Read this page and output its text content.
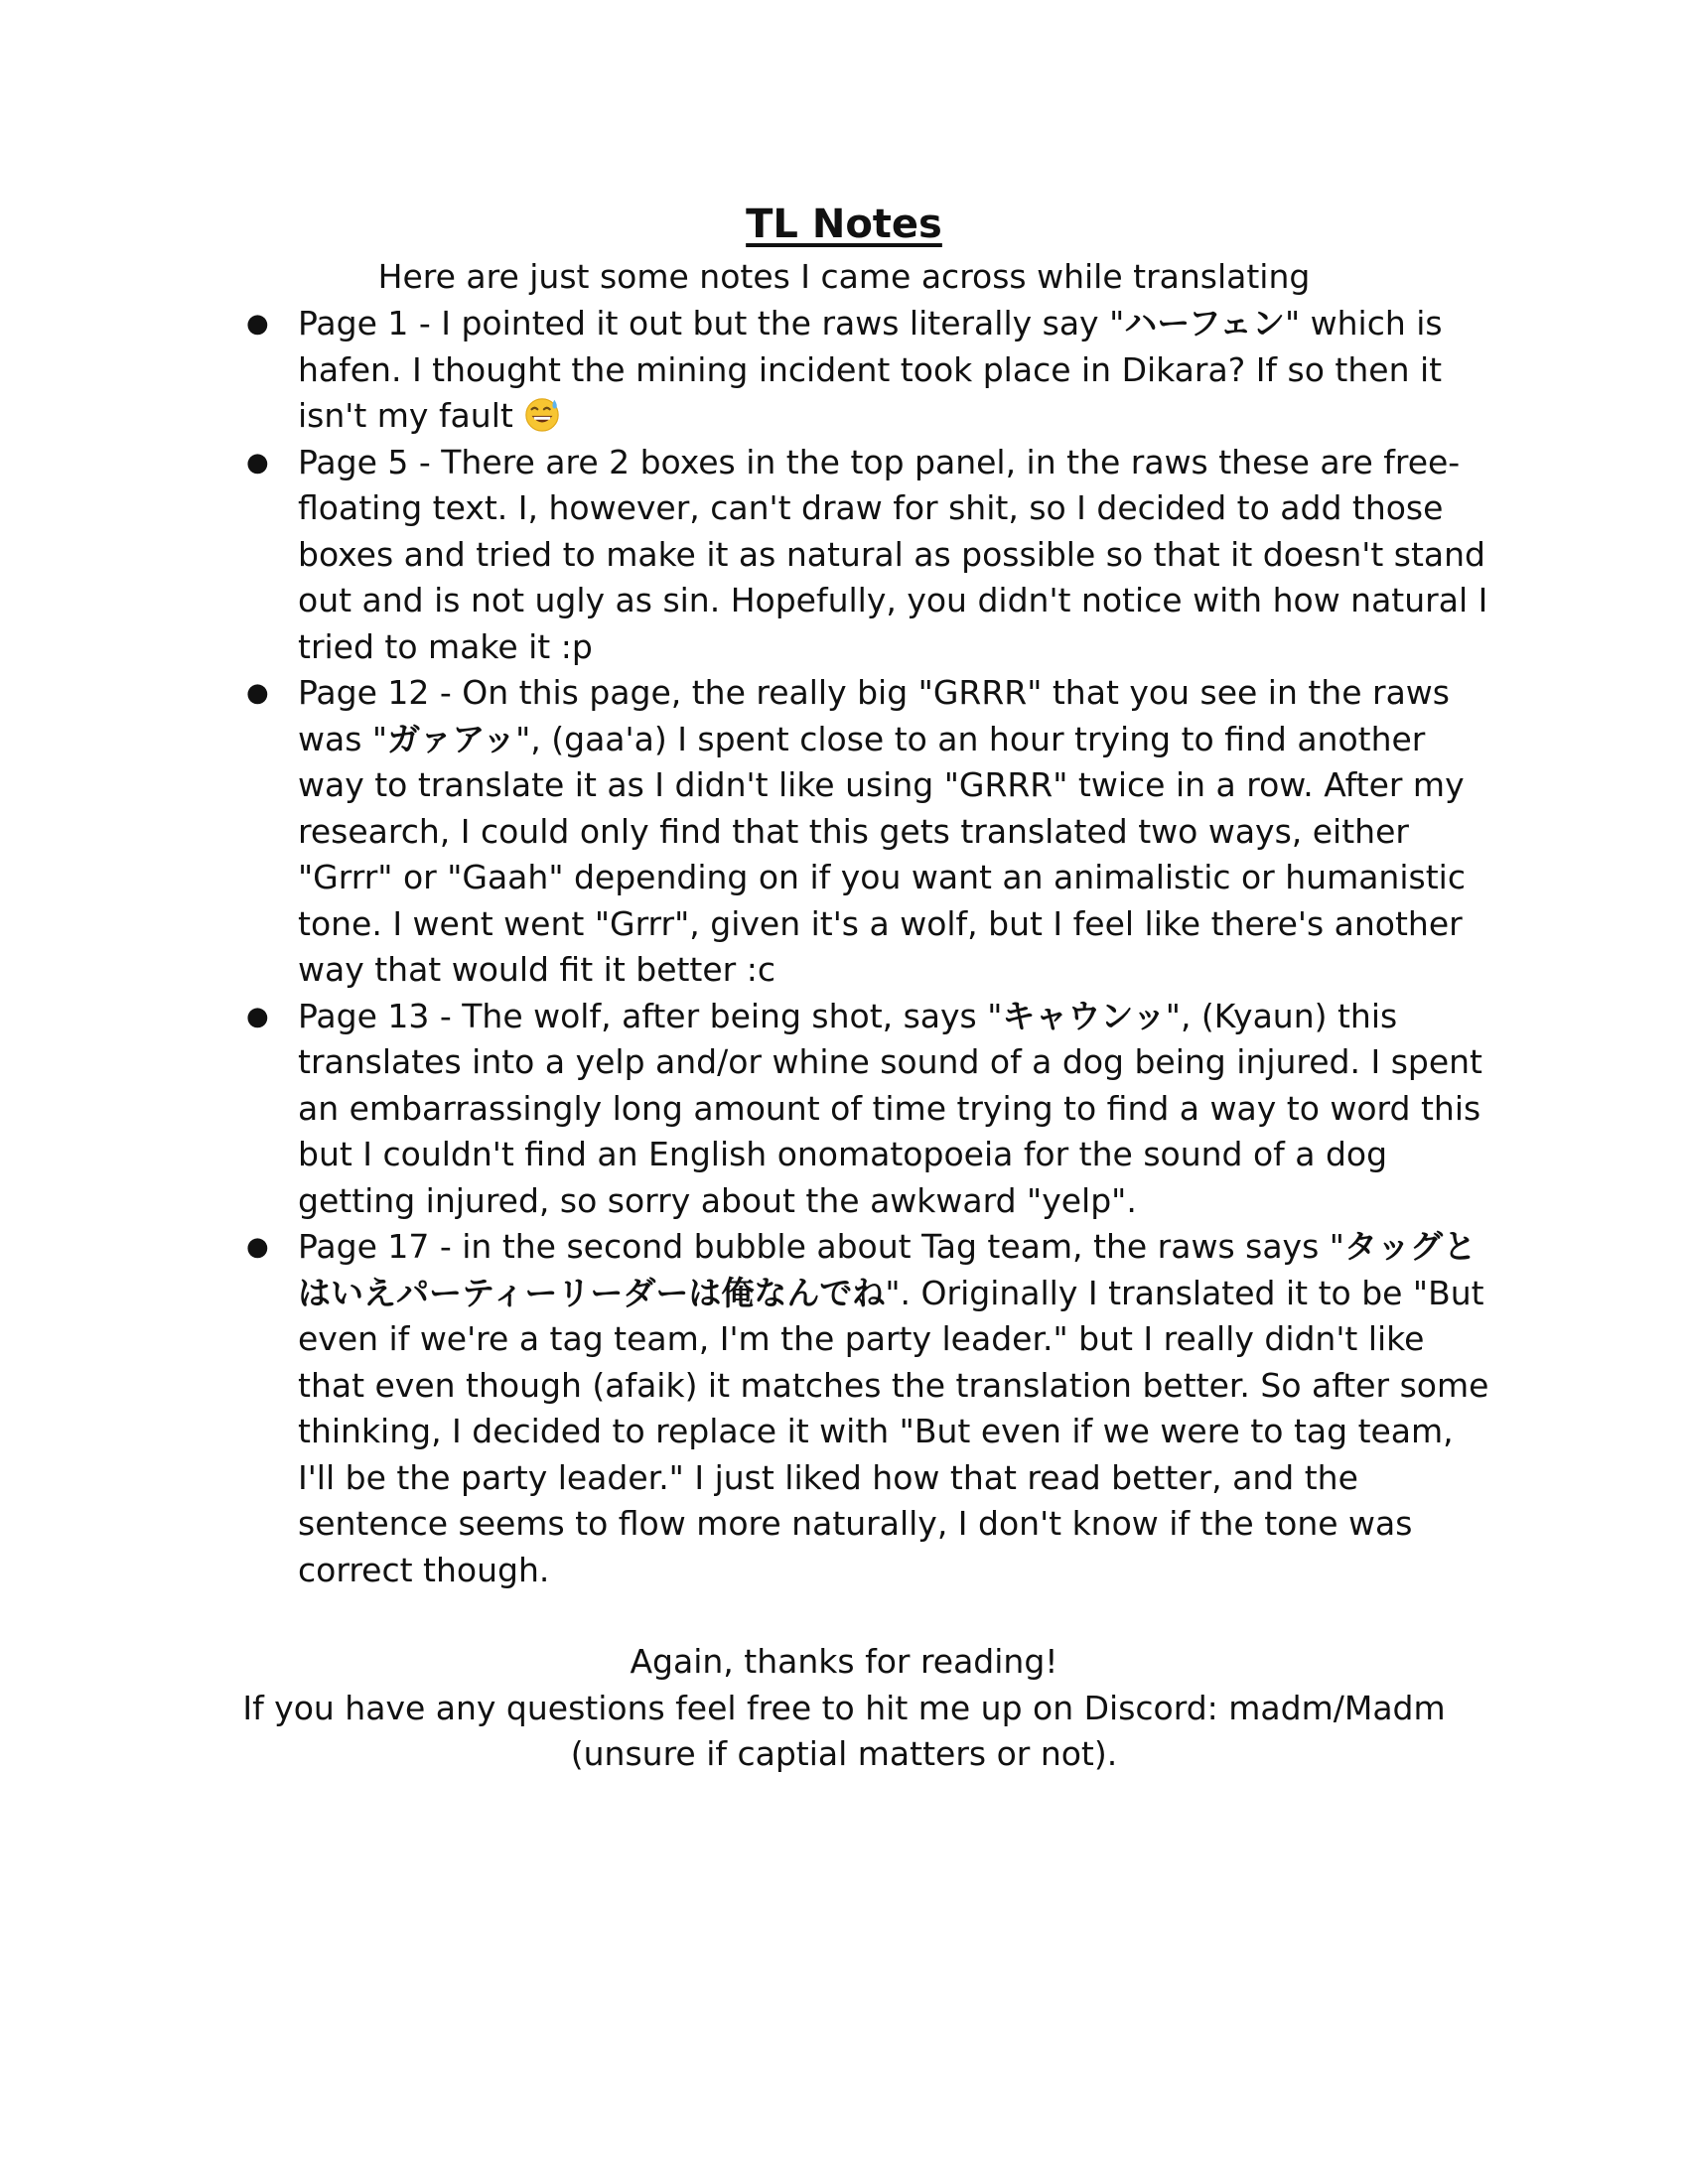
TL Notes

Here are just some notes I came across while translating

● Page 1 - I pointed it out but the raws literally say "ハーフェン" which is hafen. I thought the mining incident took place in Dikara? If so then it isn't my fault
● Page 5 - There are 2 boxes in the top panel, in the raws these are free-floating text. I, however, can't draw for shit, so I decided to add those boxes and tried to make it as natural as possible so that it doesn't stand out and is not ugly as sin. Hopefully, you didn't notice with how natural I tried to make it :p
● Page 12 - On this page, the really big "GRRR" that you see in the raws was "ガァアッ", (gaa'a) I spent close to an hour trying to find another way to translate it as I didn't like using "GRRR" twice in a row. After my research, I could only find that this gets translated two ways, either "Grrr" or "Gaah" depending on if you want an animalistic or humanistic tone. I went went "Grrr", given it's a wolf, but I feel like there's another way that would fit it better :c
● Page 13 - The wolf, after being shot, says "キャウンッ", (Kyaun) this translates into a yelp and/or whine sound of a dog being injured. I spent an embarrassingly long amount of time trying to find a way to word this but I couldn't find an English onomatopoeia for the sound of a dog getting injured, so sorry about the awkward "yelp".
● Page 17 - in the second bubble about Tag team, the raws says "タッグとはいえパーティーリーダーは俺なんでね". Originally I translated it to be "But even if we're a tag team, I'm the party leader." but I really didn't like that even though (afaik) it matches the translation better. So after some thinking, I decided to replace it with "But even if we were to tag team, I'll be the party leader." I just liked how that read better, and the sentence seems to flow more naturally, I don't know if the tone was correct though.
Again, thanks for reading!
If you have any questions feel free to hit me up on Discord: madm/Madm
(unsure if captial matters or not).
